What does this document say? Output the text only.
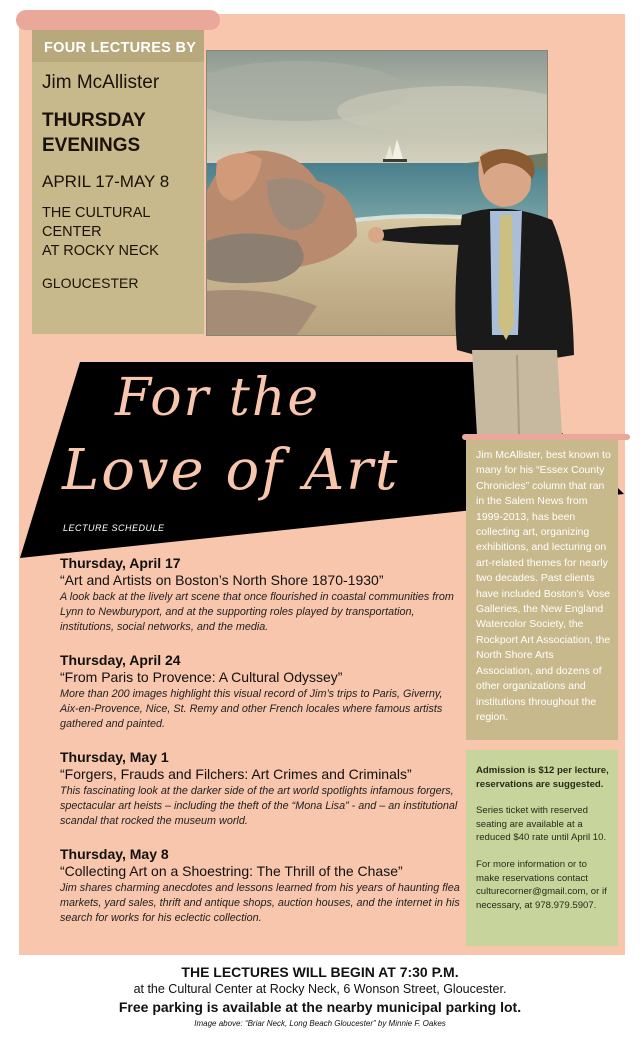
FOUR LECTURES BY
Jim McAllister
THURSDAY
EVENINGS
APRIL 17-MAY 8
THE CULTURAL CENTER
AT ROCKY NECK
GLOUCESTER
For the
Love of Art
LECTURE SCHEDULE
Jim McAllister, best known to many for his “Essex County Chronicles” column that ran in the Salem News from 1999-2013, has been collecting art, organizing exhibitions, and lecturing on art-related themes for nearly two decades. Past clients have included Boston’s Vose Galleries, the New England Watercolor Society, the Rockport Art Association, the North Shore Arts Association, and dozens of other organizations and institutions throughout the region.

Admission is $12 per lecture, reservations are suggested.

Series ticket with reserved seating are available at a reduced $40 rate until April 10.

For more information or to make reservations contact culturecorner@gmail.com, or if necessary, at 978.979.5907.

Thursday, April 17
“Art and Artists on Boston’s North Shore 1870-1930”
A look back at the lively art scene that once flourished in coastal communities from Lynn to Newburyport, and at the supporting roles played by transportation, institutions, social networks, and the media.
Thursday, April 24
“From Paris to Provence: A Cultural Odyssey”
More than 200 images highlight this visual record of Jim’s trips to Paris, Giverny, Aix-en-Provence, Nice, St. Remy and other French locales where famous artists gathered and painted.
Thursday, May 1
“Forgers, Frauds and Filchers: Art Crimes and Criminals”
This fascinating look at the darker side of the art world spotlights infamous forgers, spectacular art heists – including the theft of the “Mona Lisa” - and – an institutional scandal that rocked the museum world.
Thursday, May 8
“Collecting Art on a Shoestring: The Thrill of the Chase”
Jim shares charming anecdotes and lessons learned from his years of haunting flea markets, yard sales, thrift and antique shops, auction houses, and the internet in his search for works for his eclectic collection.
THE LECTURES WILL BEGIN AT 7:30 P.M.
at the Cultural Center at Rocky Neck, 6 Wonson Street, Gloucester.
Free parking is available at the nearby municipal parking lot.
Image above: “Briar Neck, Long Beach Gloucester” by Minnie F. Oakes
